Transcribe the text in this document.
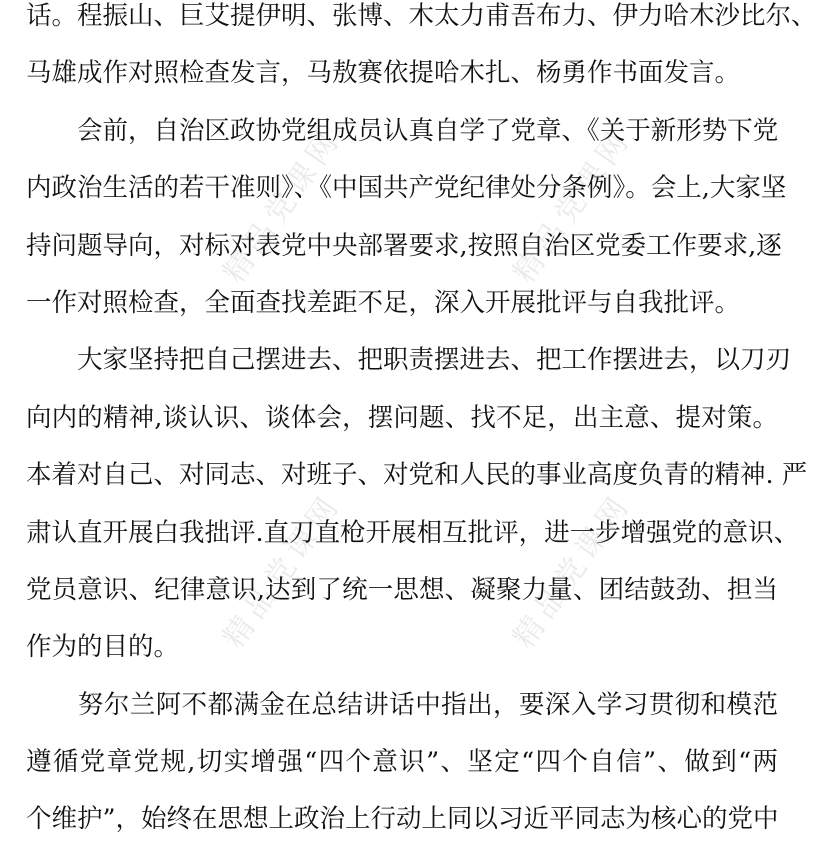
精品党课网	精品党课网
精品党课网	精品党课网
话。程振山、巨艾提伊明、张博、木太力甫吾布力、伊力哈木沙比尔、
马雄成作对照检查发言，马敖赛依提哈木扎、杨勇作书面发言。
　　会前，自治区政协党组成员认真自学了党章、《关于新形势下党
内政治生活的若干准则》、《中国共产党纪律处分条例》。会上,大家坚
持问题导向，对标对表党中央部署要求,按照自治区党委工作要求,逐
一作对照检查，全面查找差距不足，深入开展批评与自我批评。
　　大家坚持把自己摆进去、把职责摆进去、把工作摆进去，以刀刃
向内的精神,谈认识、谈体会，摆问题、找不足，出主意、提对策。
本着对自己、对同志、对班子、对党和人民的事业高度负青的精神. 严
肃认直开展白我拙评.直刀直枪开展相互批评，进一步增强党的意识、
党员意识、纪律意识,达到了统一思想、凝聚力量、团结鼓劲、担当
作为的目的。
　　努尔兰阿不都满金在总结讲话中指出，要深入学习贯彻和模范
遵循党章党规,切实增强“四个意识”、坚定“四个自信”、做到“两
个维护”，始终在思想上政治上行动上同以习近平同志为核心的党中
